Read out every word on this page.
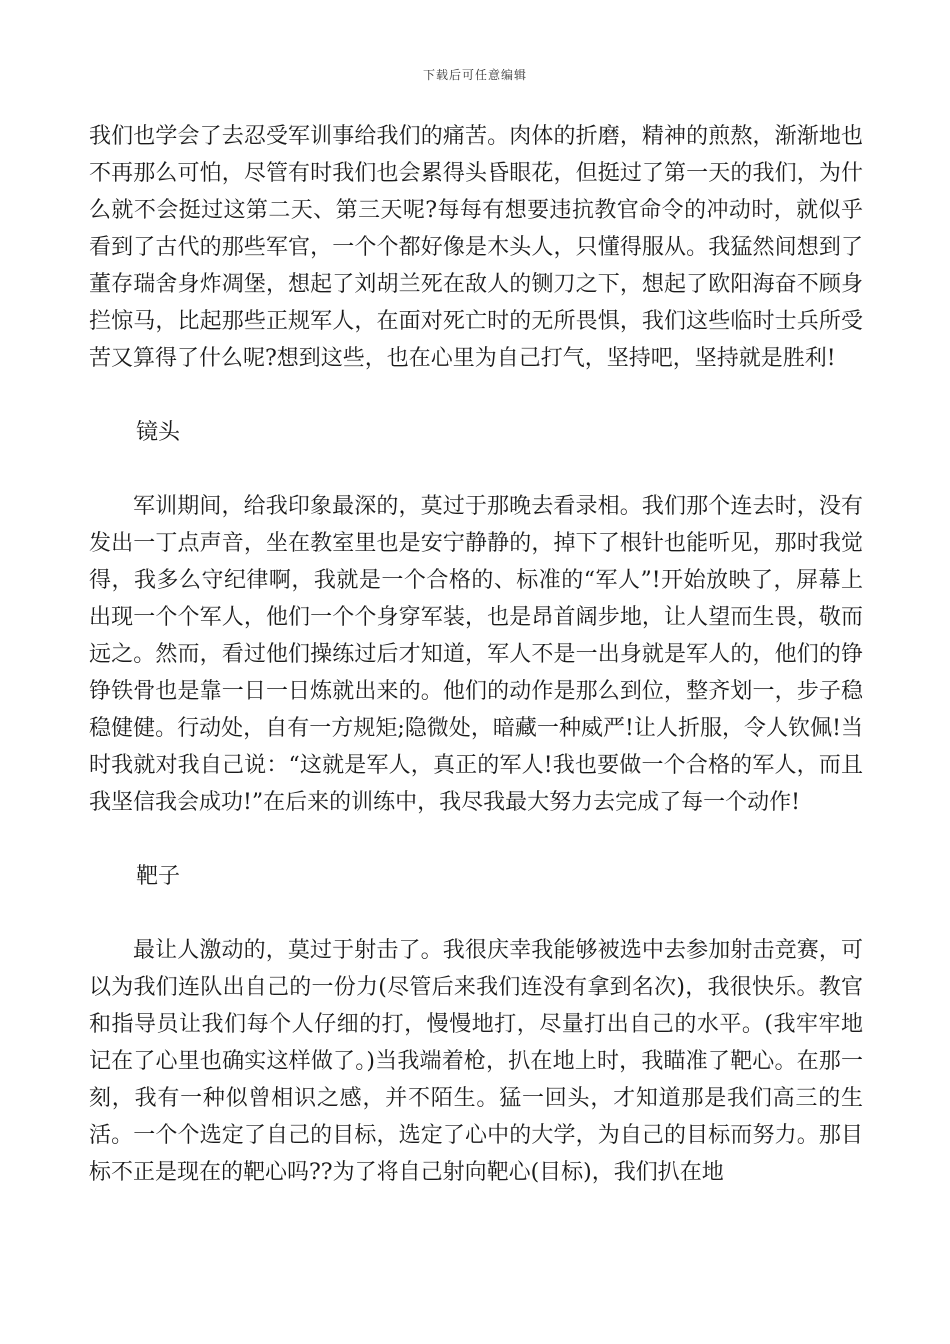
下载后可任意编辑

我们也学会了去忍受军训事给我们的痛苦。肉体的折磨，精神的煎熬，渐渐地也不再那么可怕，尽管有时我们也会累得头昏眼花，但挺过了第一天的我们，为什么就不会挺过这第二天、第三天呢?每每有想要违抗教官命令的冲动时，就似乎看到了古代的那些军官，一个个都好像是木头人，只懂得服从。我猛然间想到了董存瑞舍身炸凋堡，想起了刘胡兰死在敌人的铡刀之下，想起了欧阳海奋不顾身拦惊马，比起那些正规军人，在面对死亡时的无所畏惧，我们这些临时士兵所受苦又算得了什么呢?想到这些，也在心里为自己打气，坚持吧，坚持就是胜利!

镜头

军训期间，给我印象最深的，莫过于那晚去看录相。我们那个连去时，没有发出一丁点声音，坐在教室里也是安宁静静的，掉下了根针也能听见，那时我觉得，我多么守纪律啊，我就是一个合格的、标准的“军人”!开始放映了，屏幕上出现一个个军人，他们一个个身穿军装，也是昂首阔步地，让人望而生畏，敬而远之。然而，看过他们操练过后才知道，军人不是一出身就是军人的，他们的铮铮铁骨也是靠一日一日炼就出来的。他们的动作是那么到位，整齐划一，步子稳稳健健。行动处，自有一方规矩;隐微处，暗藏一种威严!让人折服，令人钦佩!当时我就对我自己说：“这就是军人，真正的军人!我也要做一个合格的军人，而且我坚信我会成功!”在后来的训练中，我尽我最大努力去完成了每一个动作!

靶子

最让人激动的，莫过于射击了。我很庆幸我能够被选中去参加射击竞赛，可以为我们连队出自己的一份力(尽管后来我们连没有拿到名次)，我很快乐。教官和指导员让我们每个人仔细的打，慢慢地打，尽量打出自己的水平。(我牢牢地记在了心里也确实这样做了。)当我端着枪，扒在地上时，我瞄准了靶心。在那一刻，我有一种似曾相识之感，并不陌生。猛一回头，才知道那是我们高三的生活。一个个选定了自己的目标，选定了心中的大学，为自己的目标而努力。那目标不正是现在的靶心吗??为了将自己射向靶心(目标)，我们扒在地
